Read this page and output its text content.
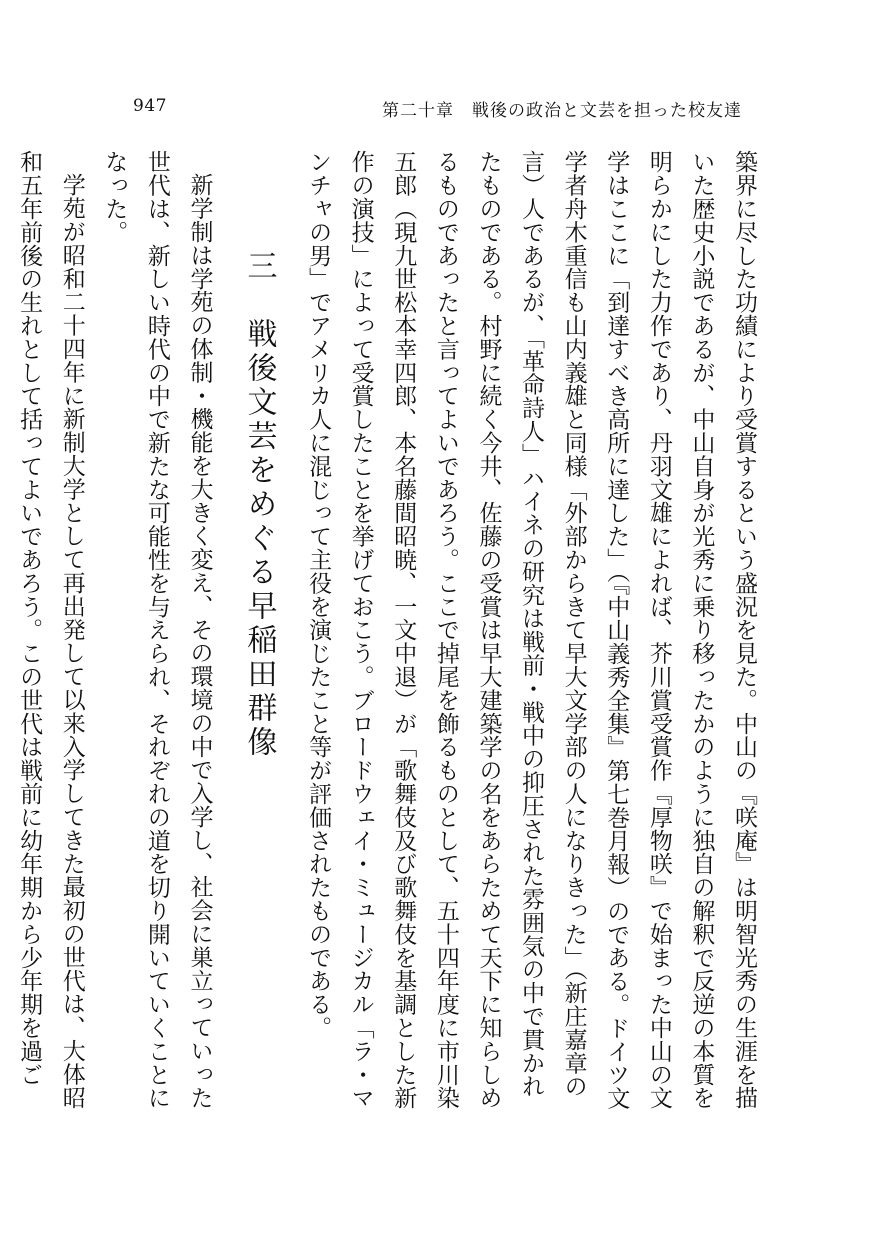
947	第二十章　戦後の政治と文芸を担った校友達

築界に尽した功績により受賞するという盛況を見た。中山の『咲庵』は明智光秀の生涯を描いた歴史小説であるが、中山自身が光秀に乗り移ったかのように独自の解釈で反逆の本質を明らかにした力作であり、丹羽文雄によれば、芥川賞受賞作『厚物咲』で始まった中山の文学はここに「到達すべき高所に達した」（『中山義秀全集』第七巻月報）のである。ドイツ文学者舟木重信も山内義雄と同様「外部からきて早大文学部の人になりきった」（新庄嘉章の言）人であるが、「革命詩人」ハイネの研究は戦前・戦中の抑圧された雰囲気の中で貫かれたものである。村野に続く今井、佐藤の受賞は早大建築学の名をあらためて天下に知らしめるものであったと言ってよいであろう。ここで掉尾を飾るものとして、五十四年度に市川染五郎（現九世松本幸四郎、本名藤間昭暁、一文中退）が「歌舞伎及び歌舞伎を基調とした新作の演技」によって受賞したことを挙げておこう。ブロードウェイ・ミュージカル「ラ・マンチャの男」でアメリカ人に混じって主役を演じたこと等が評価されたものである。

三　戦後文芸をめぐる早稲田群像

新学制は学苑の体制・機能を大きく変え、その環境の中で入学し、社会に巣立っていった世代は、新しい時代の中で新たな可能性を与えられ、それぞれの道を切り開いていくことになった。

学苑が昭和二十四年に新制大学として再出発して以来入学してきた最初の世代は、大体昭和五年前後の生れとして括ってよいであろう。この世代は戦前に幼年期から少年期を過ご
